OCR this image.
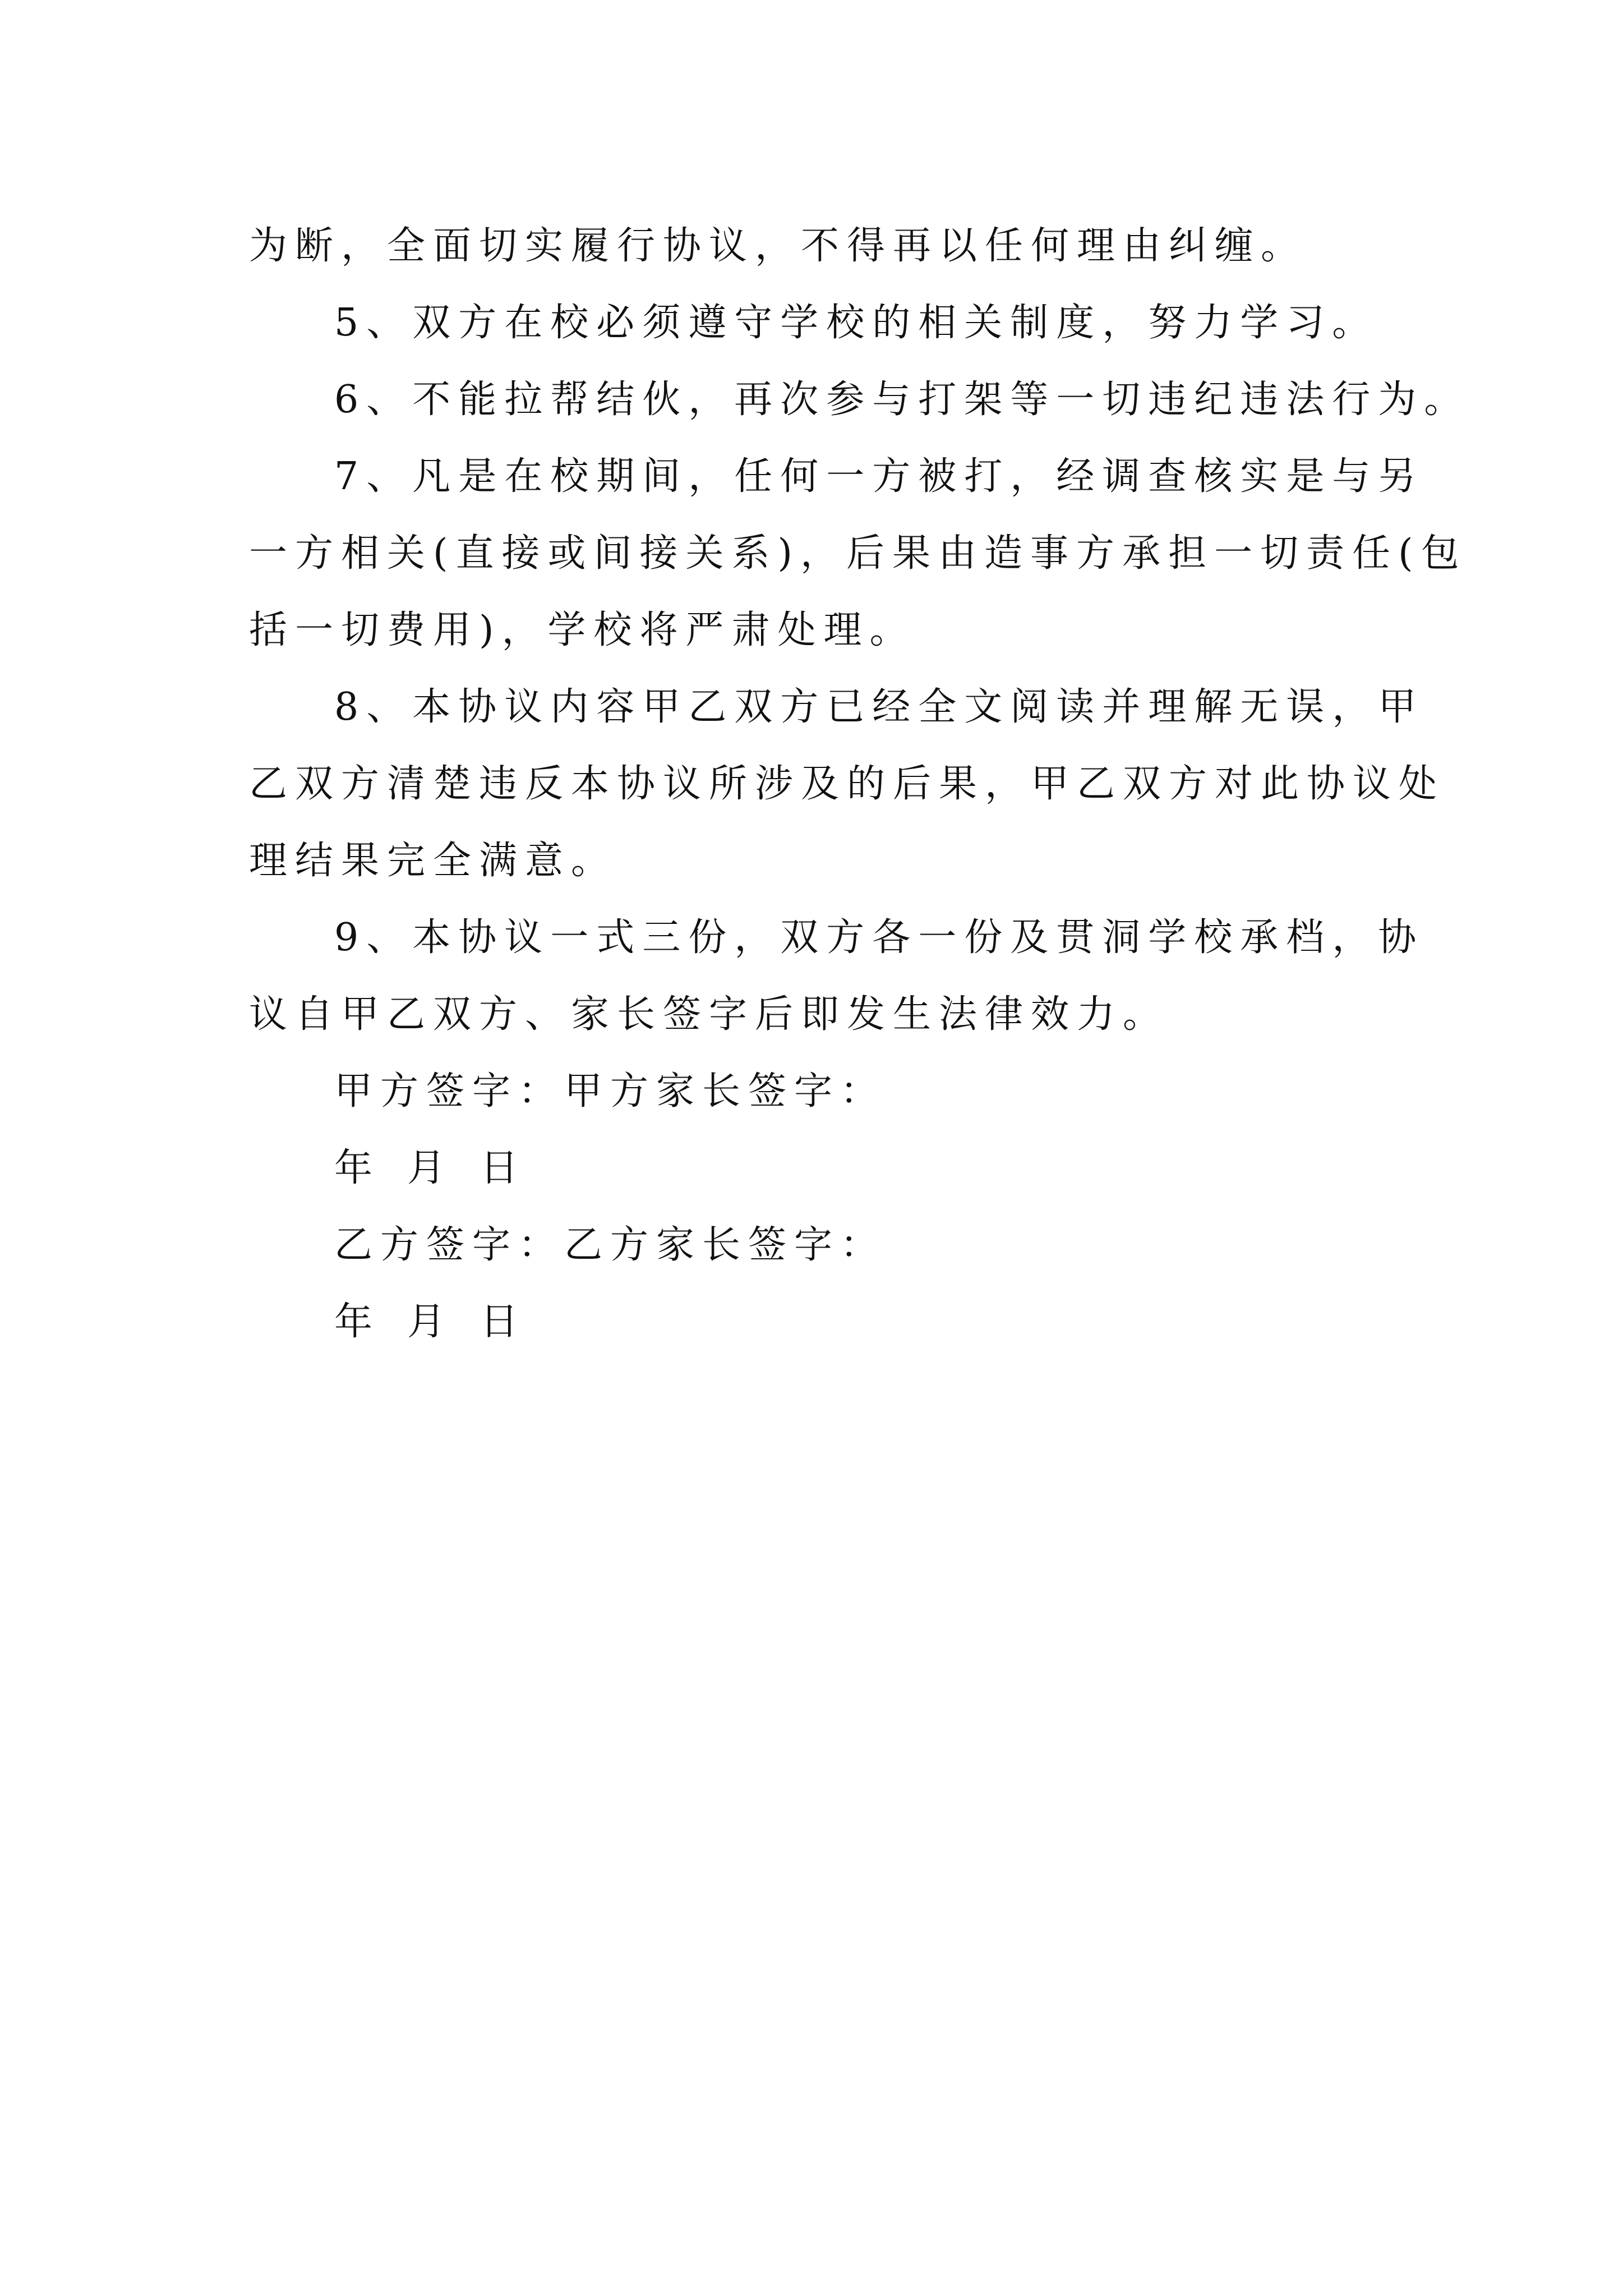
为断，全面切实履行协议，不得再以任何理由纠缠。
5、双方在校必须遵守学校的相关制度，努力学习。
6、不能拉帮结伙，再次参与打架等一切违纪违法行为。
7、凡是在校期间，任何一方被打，经调查核实是与另
一方相关(直接或间接关系)，后果由造事方承担一切责任(包
括一切费用)，学校将严肃处理。
8、本协议内容甲乙双方已经全文阅读并理解无误，甲
乙双方清楚违反本协议所涉及的后果，甲乙双方对此协议处
理结果完全满意。
9、本协议一式三份，双方各一份及贯洞学校承档，协
议自甲乙双方、家长签字后即发生法律效力。
甲方签字：甲方家长签字：
年 月 日
乙方签字：乙方家长签字：
年 月 日
